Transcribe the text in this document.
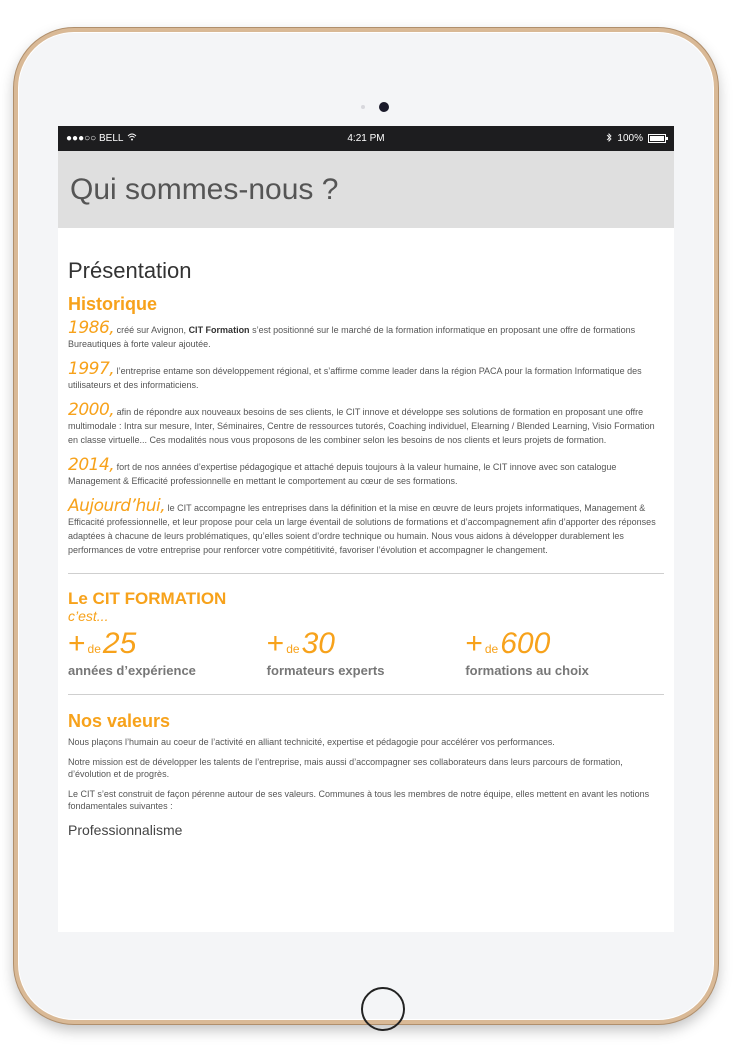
●●●○○ BELL	4:21 PM	100%
Qui sommes-nous ?
Présentation
Historique

1986, créé sur Avignon, CIT Formation s’est positionné sur le marché de la formation informatique en proposant une offre de formations Bureautiques à forte valeur ajoutée.

1997, l’entreprise entame son développement régional, et s’affirme comme leader dans la région PACA pour la formation Informatique des utilisateurs et des informaticiens.

2000, afin de répondre aux nouveaux besoins de ses clients, le CIT innove et développe ses solutions de formation en proposant une offre multimodale : Intra sur mesure, Inter, Séminaires, Centre de ressources tutorés, Coaching individuel, Elearning / Blended Learning, Visio Formation en classe virtuelle... Ces modalités nous vous proposons de les combiner selon les besoins de nos clients et leurs projets de formation.

2014, fort de nos années d’expertise pédagogique et attaché depuis toujours à la valeur humaine, le CIT innove avec son catalogue Management & Efficacité professionnelle en mettant le comportement au cœur de ses formations.

Aujourd’hui, le CIT accompagne les entreprises dans la définition et la mise en œuvre de leurs projets informatiques, Management & Efficacité professionnelle, et leur propose pour cela un large éventail de solutions de formations et d’accompagnement afin d’apporter des réponses adaptées à chacune de leurs problématiques, qu’elles soient d’ordre technique ou humain. Nous vous aidons à développer durablement les performances de votre entreprise pour renforcer votre compétitivité, favoriser l’évolution et accompagner le changement.

Le CIT FORMATION
c’est...
+ de25
années d’expérience
+ de30
formateurs experts
+ de600
formations au choix
Nos valeurs

Nous plaçons l’humain au coeur de l’activité en alliant technicité, expertise et pédagogie pour accélérer vos performances.

Notre mission est de développer les talents de l’entreprise, mais aussi d’accompagner ses collaborateurs dans leurs parcours de formation, d’évolution et de progrès.

Le CIT s’est construit de façon pérenne autour de ses valeurs. Communes à tous les membres de notre équipe, elles mettent en avant les notions fondamentales suivantes :

Professionnalisme
